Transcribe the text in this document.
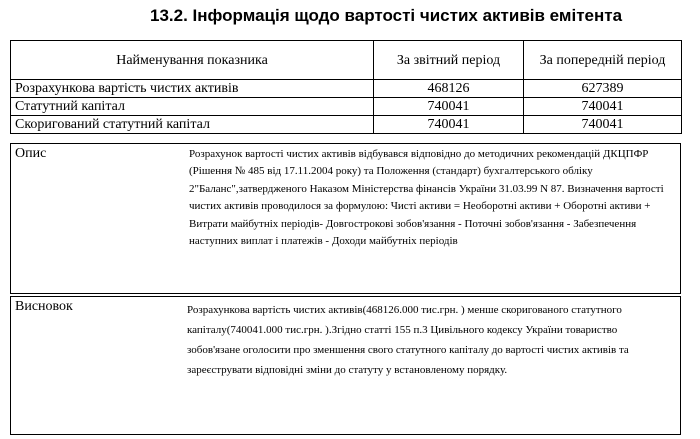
13.2. Інформація щодо вартості чистих активів емітента
Найменування показника	За звітний період	За попередній період
Розрахункова вартість чистих активів	468126	627389
Статутний капітал	740041	740041
Скоригований статутний капітал	740041	740041
Опис	Розрахунок вартості чистих активів відбувався відповідно до методичних рекомендацій ДКЦПФР (Рішення № 485 від 17.11.2004 року) та Положення (стандарт) бухгалтерського обліку 2"Баланс",затвердженого Наказом Міністерства фінансів України 31.03.99 N 87. Визначення вартості чистих активів проводилося за формулою: Чисті активи = Необоротні активи + Оборотні активи + Витрати майбутніх періодів- Довгострокові зобов'язання - Поточні зобов'язання - Забезпечення наступних виплат і платежів - Доходи майбутніх періодів
Висновок	Розрахункова вартість чистих активів(468126.000 тис.грн. ) менше скоригованого статутного капіталу(740041.000 тис.грн. ).Згідно статті 155 п.3 Цивільного кодексу України товариство зобов'язане оголосити про зменшення свого статутного капіталу до вартості чистих активів та зареєструвати відповідні зміни до статуту у встановленому порядку.
